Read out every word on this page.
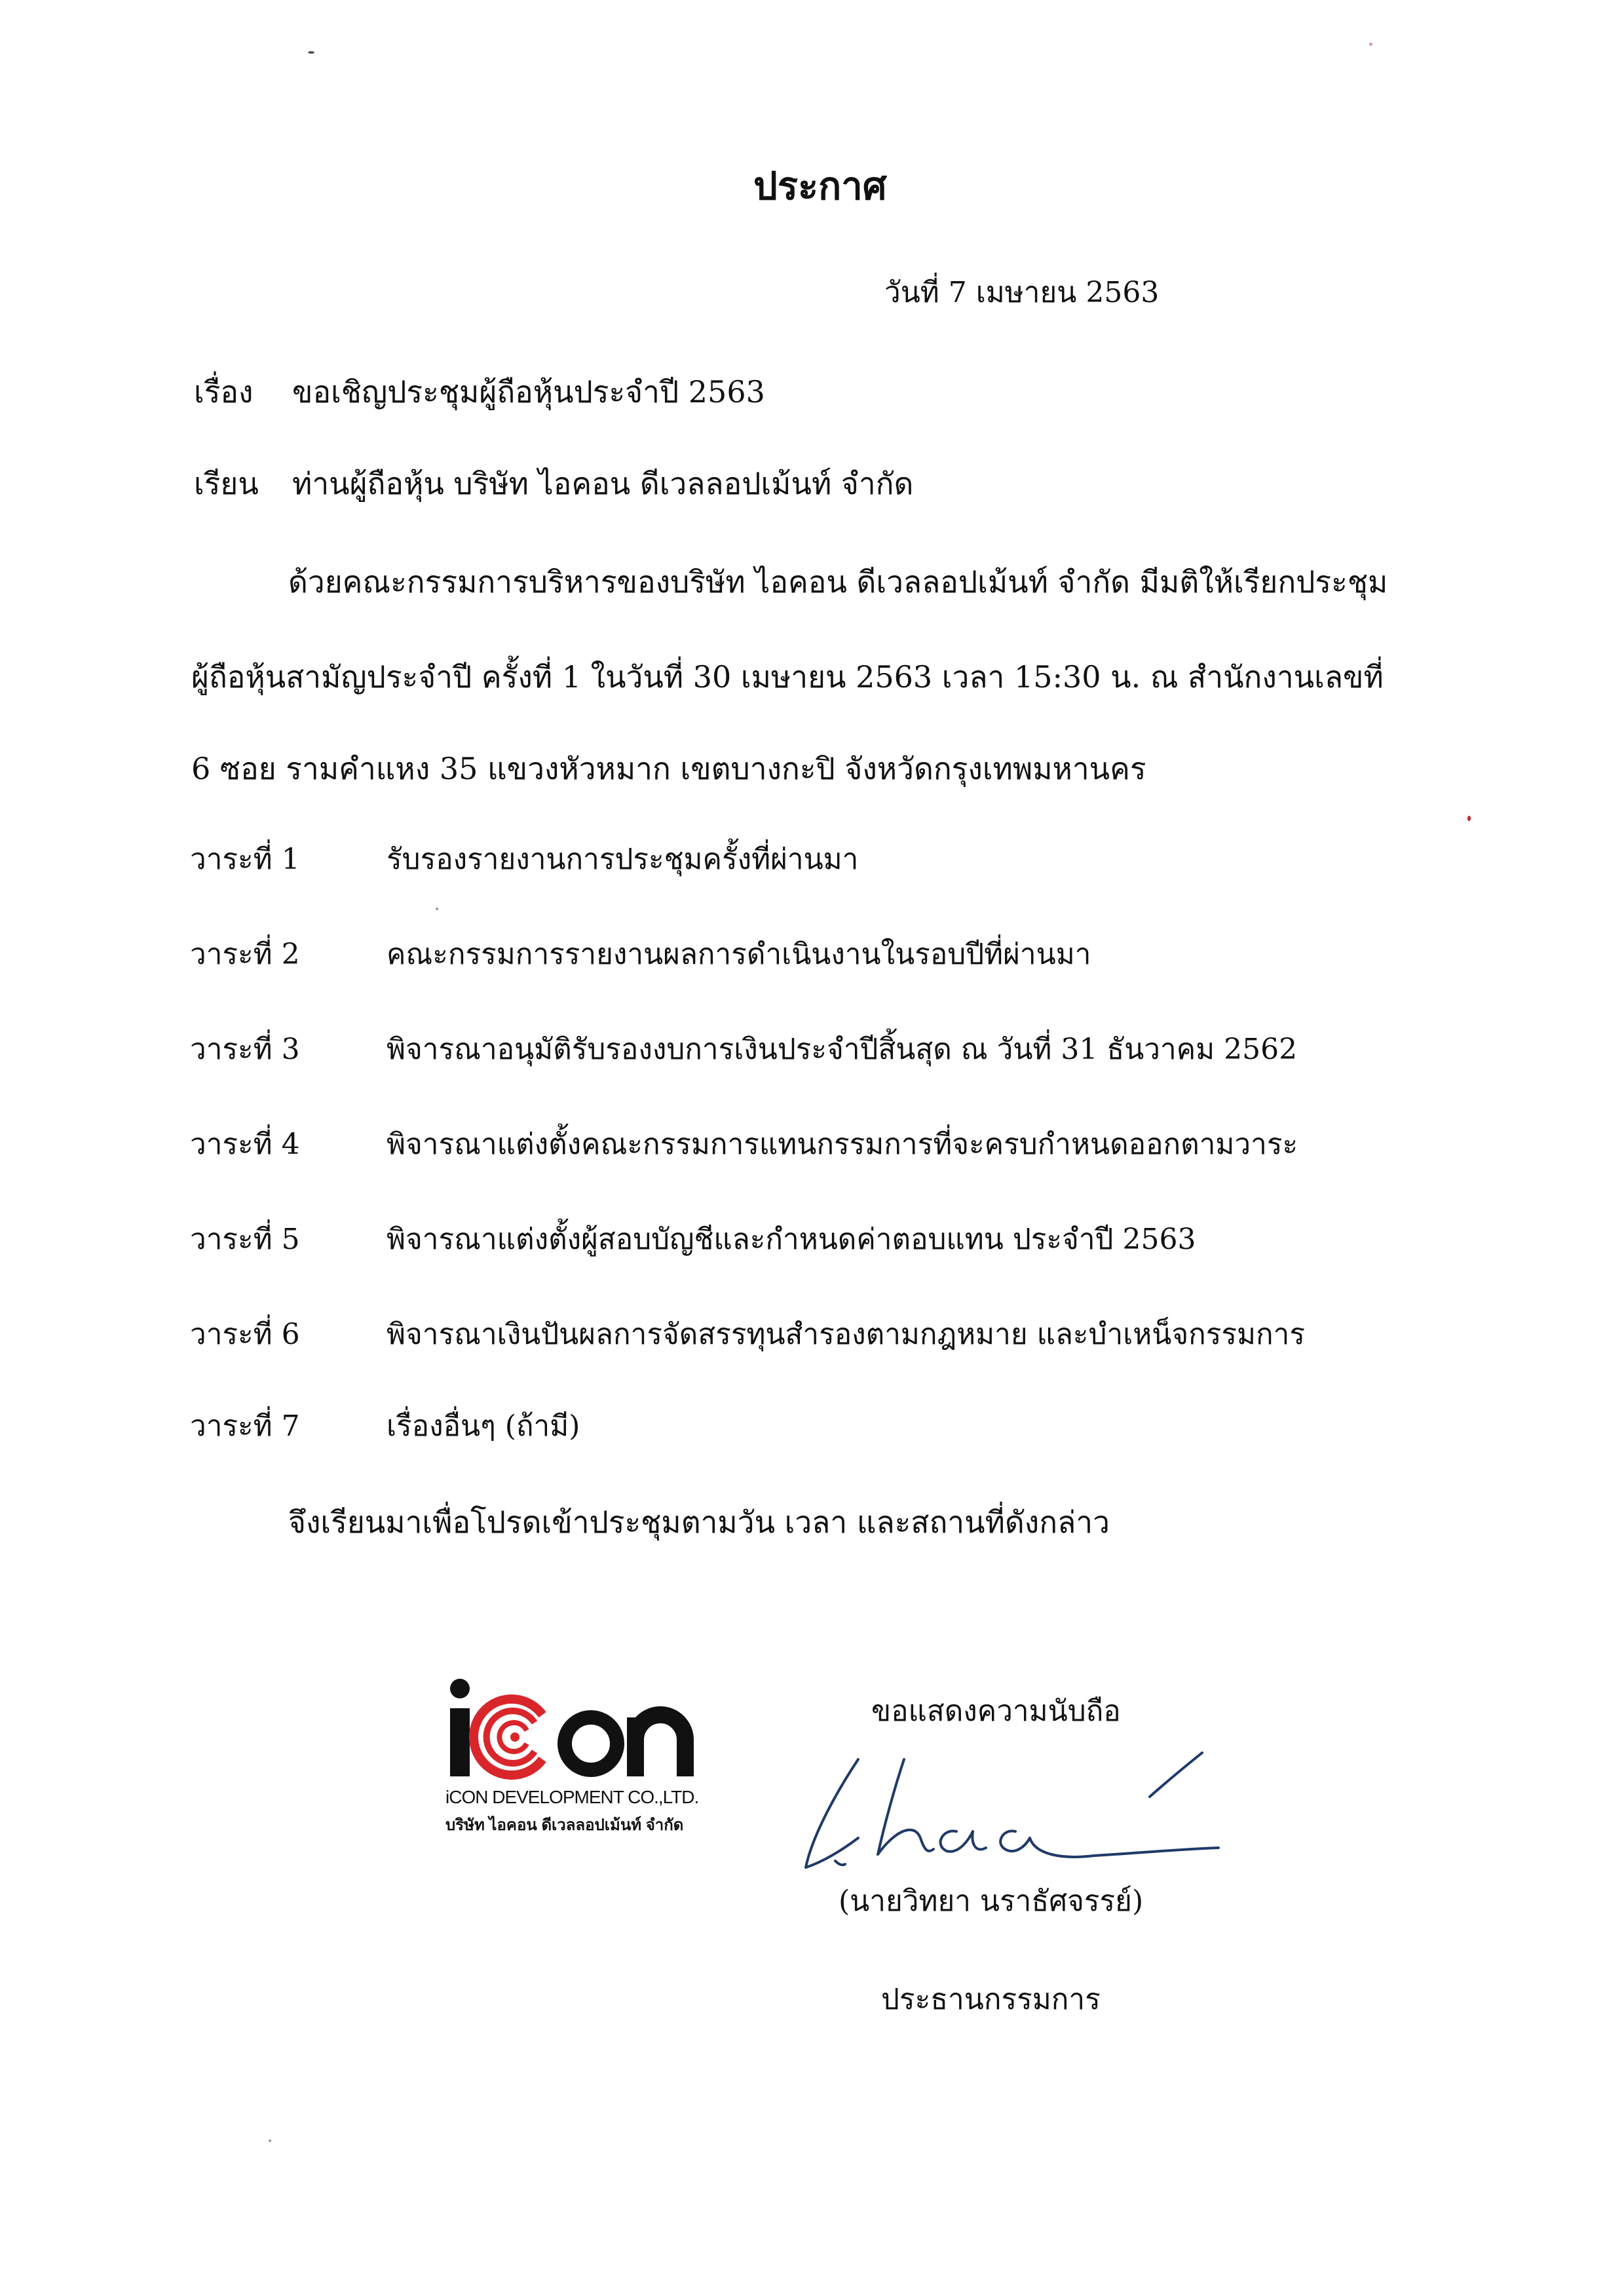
ประกาศ
วันที่ 7 เมษายน 2563
เรื่อง ขอเชิญประชุมผู้ถือหุ้นประจำปี 2563
เรียน ท่านผู้ถือหุ้น บริษัท ไอคอน ดีเวลลอปเม้นท์ จำกัด
ด้วยคณะกรรมการบริหารของบริษัท ไอคอน ดีเวลลอปเม้นท์ จำกัด มีมติให้เรียกประชุม
ผู้ถือหุ้นสามัญประจำปี ครั้งที่ 1 ในวันที่ 30 เมษายน 2563 เวลา 15:30 น. ณ สำนักงานเลขที่
6 ซอย รามคำแหง 35 แขวงหัวหมาก เขตบางกะปิ จังหวัดกรุงเทพมหานคร
วาระที่ 1	รับรองรายงานการประชุมครั้งที่ผ่านมา
วาระที่ 2	คณะกรรมการรายงานผลการดำเนินงานในรอบปีที่ผ่านมา
วาระที่ 3	พิจารณาอนุมัติรับรองงบการเงินประจำปีสิ้นสุด ณ วันที่ 31 ธันวาคม 2562
วาระที่ 4	พิจารณาแต่งตั้งคณะกรรมการแทนกรรมการที่จะครบกำหนดออกตามวาระ
วาระที่ 5	พิจารณาแต่งตั้งผู้สอบบัญชีและกำหนดค่าตอบแทน ประจำปี 2563
วาระที่ 6	พิจารณาเงินปันผลการจัดสรรทุนสำรองตามกฎหมาย และบำเหน็จกรรมการ
วาระที่ 7	เรื่องอื่นๆ (ถ้ามี)
จึงเรียนมาเพื่อโปรดเข้าประชุมตามวัน เวลา และสถานที่ดังกล่าว
iCON DEVELOPMENT CO.,LTD.
บริษัท ไอคอน ดีเวลลอปเม้นท์ จำกัด
ขอแสดงความนับถือ
(นายวิทยา นราธัศจรรย์)
ประธานกรรมการ
